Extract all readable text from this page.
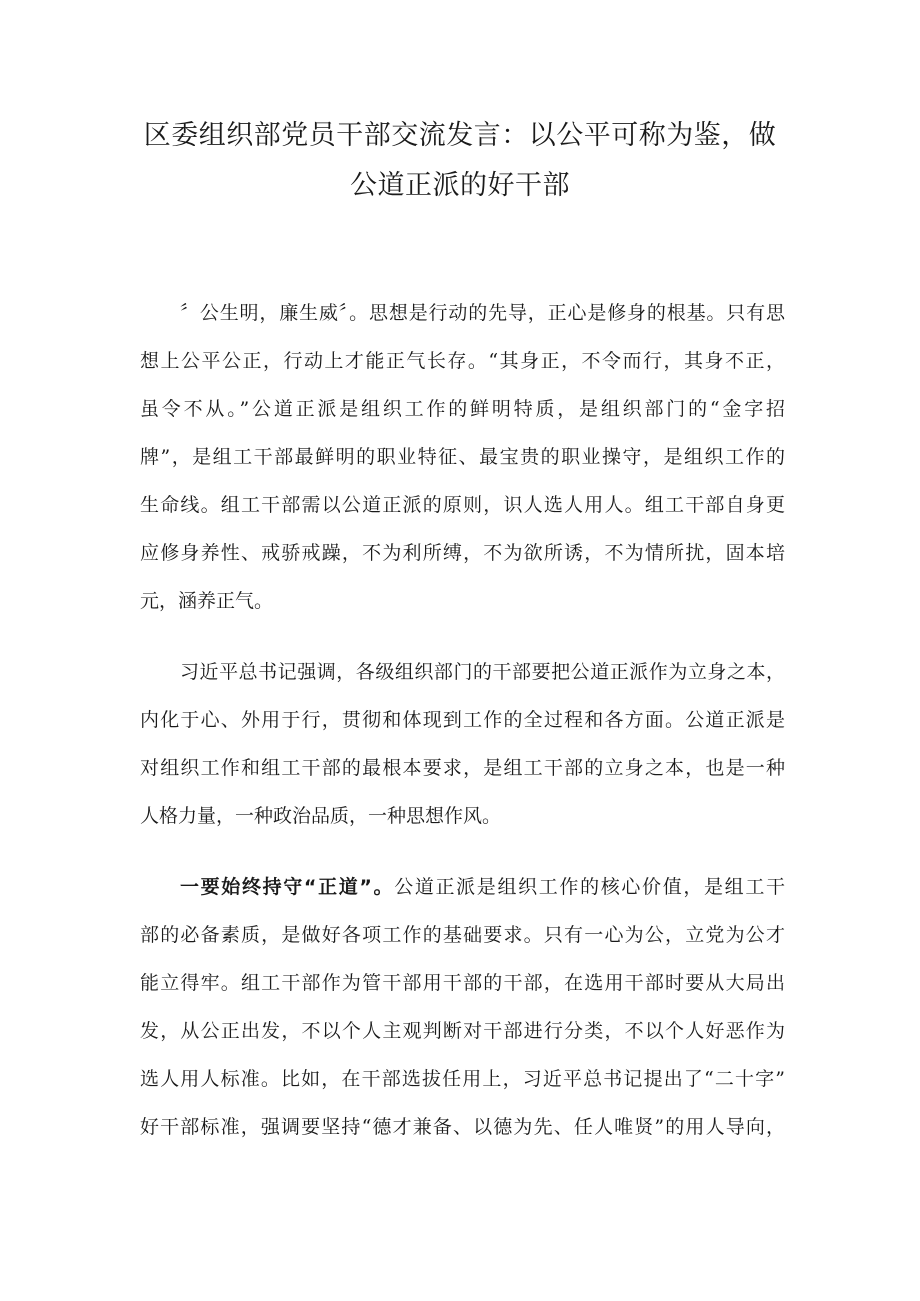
区委组织部党员干部交流发言：以公平可称为鉴，做
公道正派的好干部

〞公生明，廉生威〞。思想是行动的先导，正心是修身的根基。只有思

想上公平公正，行动上才能正气长存。“其身正，不令而行，其身不正，

虽令不从。”公道正派是组织工作的鲜明特质，是组织部门的“金字招

牌”，是组工干部最鲜明的职业特征、最宝贵的职业操守，是组织工作的

生命线。组工干部需以公道正派的原则，识人选人用人。组工干部自身更

应修身养性、戒骄戒躁，不为利所缚，不为欲所诱，不为情所扰，固本培

元，涵养正气。

习近平总书记强调，各级组织部门的干部要把公道正派作为立身之本，

内化于心、外用于行，贯彻和体现到工作的全过程和各方面。公道正派是

对组织工作和组工干部的最根本要求，是组工干部的立身之本，也是一种

人格力量，一种政治品质，一种思想作风。

一要始终持守“正道”。公道正派是组织工作的核心价值，是组工干

部的必备素质，是做好各项工作的基础要求。只有一心为公，立党为公才

能立得牢。组工干部作为管干部用干部的干部，在选用干部时要从大局出

发，从公正出发，不以个人主观判断对干部进行分类，不以个人好恶作为

选人用人标准。比如，在干部选拔任用上，习近平总书记提出了“二十字”

好干部标准，强调要坚持“德才兼备、以德为先、任人唯贤”的用人导向，
